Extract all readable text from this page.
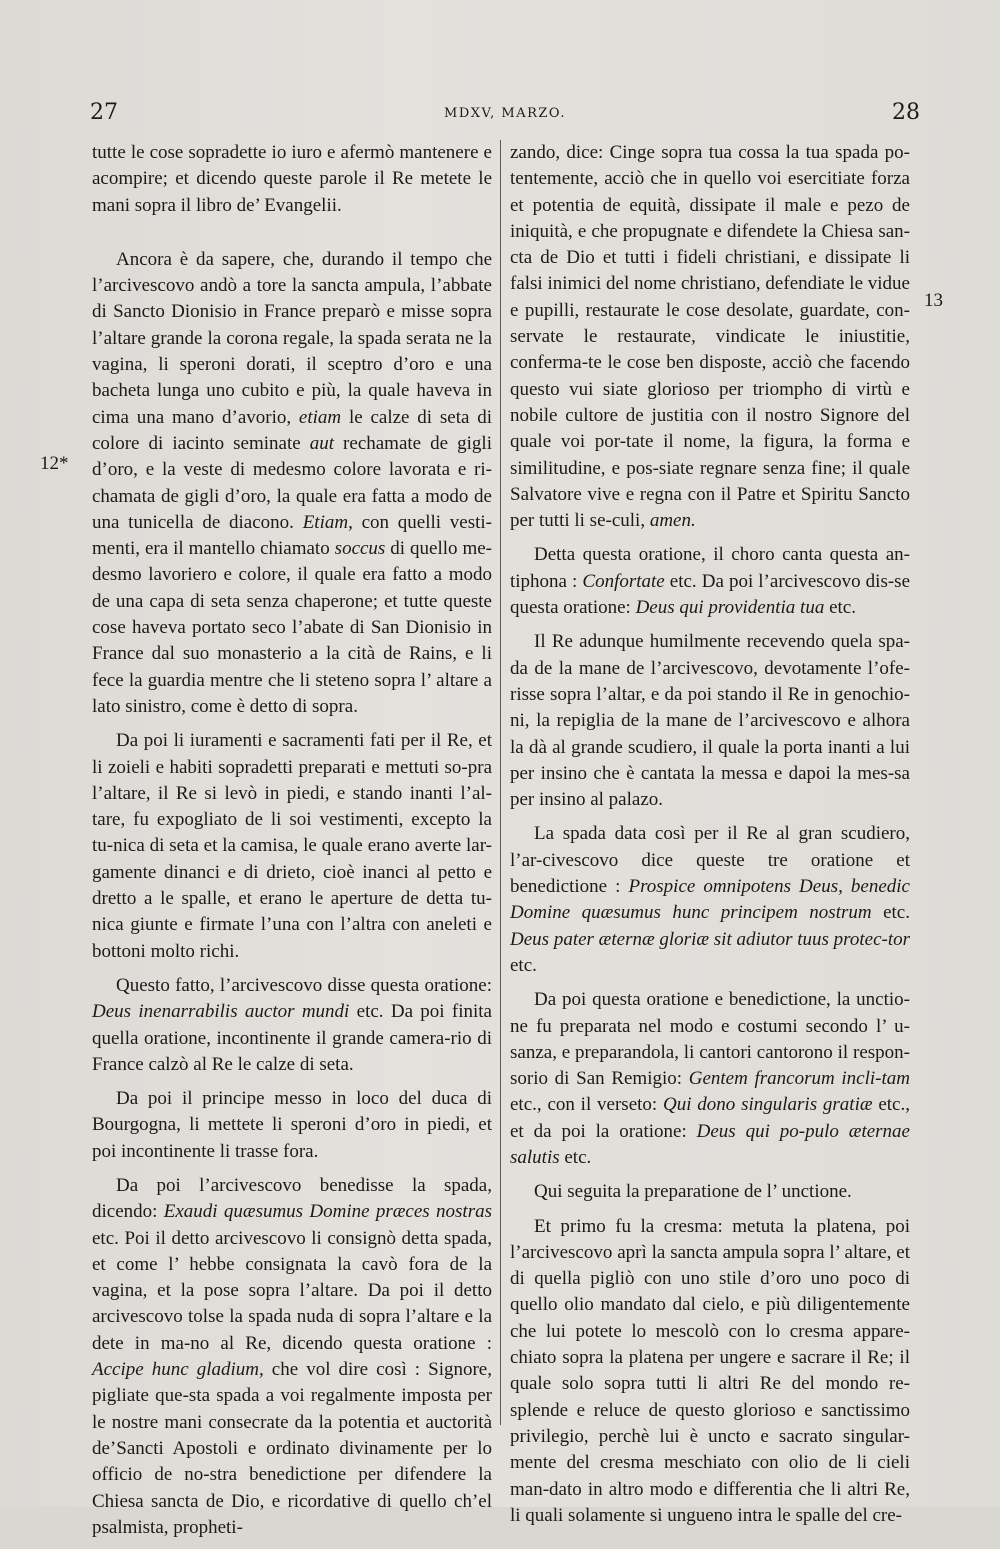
27	MDXV, MARZO.	28
12*
13

tutte le cose sopradette io iuro e afermò mantenere e acompire; et dicendo queste parole il Re metete le mani sopra il libro de’ Evangelii.

Ancora è da sapere, che, durando il tempo che l’arcivescovo andò a tore la sancta ampula, l’abbate di Sancto Dionisio in France preparò e misse sopra l’altare grande la corona regale, la spada serata ne la vagina, li speroni dorati, il sceptro d’oro e una bacheta lunga uno cubito e più, la quale haveva in cima una mano d’avorio, etiam le calze di seta di colore di iacinto seminate aut rechamate de gigli d’oro, e la veste di medesmo colore lavorata e ri-chamata de gigli d’oro, la quale era fatta a modo de una tunicella de diacono. Etiam, con quelli vesti-menti, era il mantello chiamato soccus di quello me-desmo lavoriero e colore, il quale era fatto a modo de una capa di seta senza chaperone; et tutte queste cose haveva portato seco l’abate di San Dionisio in France dal suo monasterio a la cità de Rains, e li fece la guardia mentre che li steteno sopra l’ altare a lato sinistro, come è detto di sopra.

Da poi li iuramenti e sacramenti fati per il Re, et li zoieli e habiti sopradetti preparati e mettuti so-pra l’altare, il Re si levò in piedi, e stando inanti l’al-tare, fu expogliato de li soi vestimenti, excepto la tu-nica di seta et la camisa, le quale erano averte lar-gamente dinanci e di drieto, cioè inanci al petto e dretto a le spalle, et erano le aperture de detta tu-nica giunte e firmate l’una con l’altra con aneleti e bottoni molto richi.

Questo fatto, l’arcivescovo disse questa oratione: Deus inenarrabilis auctor mundi etc. Da poi finita quella oratione, incontinente il grande camera-rio di France calzò al Re le calze di seta.

Da poi il principe messo in loco del duca di Bourgogna, li mettete li speroni d’oro in piedi, et poi incontinente li trasse fora.

Da poi l’arcivescovo benedisse la spada, dicendo: Exaudi quæsumus Domine præces nostras etc. Poi il detto arcivescovo li consignò detta spada, et come l’ hebbe consignata la cavò fora de la vagina, et la pose sopra l’altare. Da poi il detto arcivescovo tolse la spada nuda di sopra l’altare e la dete in ma-no al Re, dicendo questa oratione : Accipe hunc gladium, che vol dire così : Signore, pigliate que-sta spada a voi regalmente imposta per le nostre mani consecrate da la potentia et auctorità de’Sancti Apostoli e ordinato divinamente per lo officio de no-stra benedictione per difendere la Chiesa sancta de Dio, e ricordative di quello ch’el psalmista, propheti-

zando, dice: Cinge sopra tua cossa la tua spada po-tentemente, acciò che in quello voi esercitiate forza et potentia de equità, dissipate il male e pezo de iniquità, e che propugnate e difendete la Chiesa san-cta de Dio et tutti i fideli christiani, e dissipate li falsi inimici del nome christiano, defendiate le vidue e pupilli, restaurate le cose desolate, guardate, con-servate le restaurate, vindicate le iniustitie, conferma-te le cose ben disposte, acciò che facendo questo vui siate glorioso per triompho di virtù e nobile cultore de justitia con il nostro Signore del quale voi por-tate il nome, la figura, la forma e similitudine, e pos-siate regnare senza fine; il quale Salvatore vive e regna con il Patre et Spiritu Sancto per tutti li se-culi, amen.

Detta questa oratione, il choro canta questa an-tiphona : Confortate etc. Da poi l’arcivescovo dis-se questa oratione: Deus qui providentia tua etc.

Il Re adunque humilmente recevendo quela spa-da de la mane de l’arcivescovo, devotamente l’ofe-risse sopra l’altar, e da poi stando il Re in genochio-ni, la repiglia de la mane de l’arcivescovo e alhora la dà al grande scudiero, il quale la porta inanti a lui per insino che è cantata la messa e dapoi la mes-sa per insino al palazo.

La spada data così per il Re al gran scudiero, l’ar-civescovo dice queste tre oratione et benedictione : Prospice omnipotens Deus, benedic Domine quæsumus hunc principem nostrum etc. Deus pater æternæ gloriæ sit adiutor tuus protec-tor etc.

Da poi questa oratione e benedictione, la unctio-ne fu preparata nel modo e costumi secondo l’ u-sanza, e preparandola, li cantori cantorono il respon-sorio di San Remigio: Gentem francorum incli-tam etc., con il verseto: Qui dono singularis gratiæ etc., et da poi la oratione: Deus qui po-pulo æternae salutis etc.

Qui seguita la preparatione de l’ unctione.

Et primo fu la cresma: metuta la platena, poi l’arcivescovo aprì la sancta ampula sopra l’ altare, et di quella pigliò con uno stile d’oro uno poco di quello olio mandato dal cielo, e più diligentemente che lui potete lo mescolò con lo cresma appare-chiato sopra la platena per ungere e sacrare il Re; il quale solo sopra tutti li altri Re del mondo re-splende e reluce de questo glorioso e sanctissimo privilegio, perchè lui è uncto e sacrato singular-mente del cresma meschiato con olio de li cieli man-dato in altro modo e differentia che li altri Re, li quali solamente si ungueno intra le spalle del cre-
